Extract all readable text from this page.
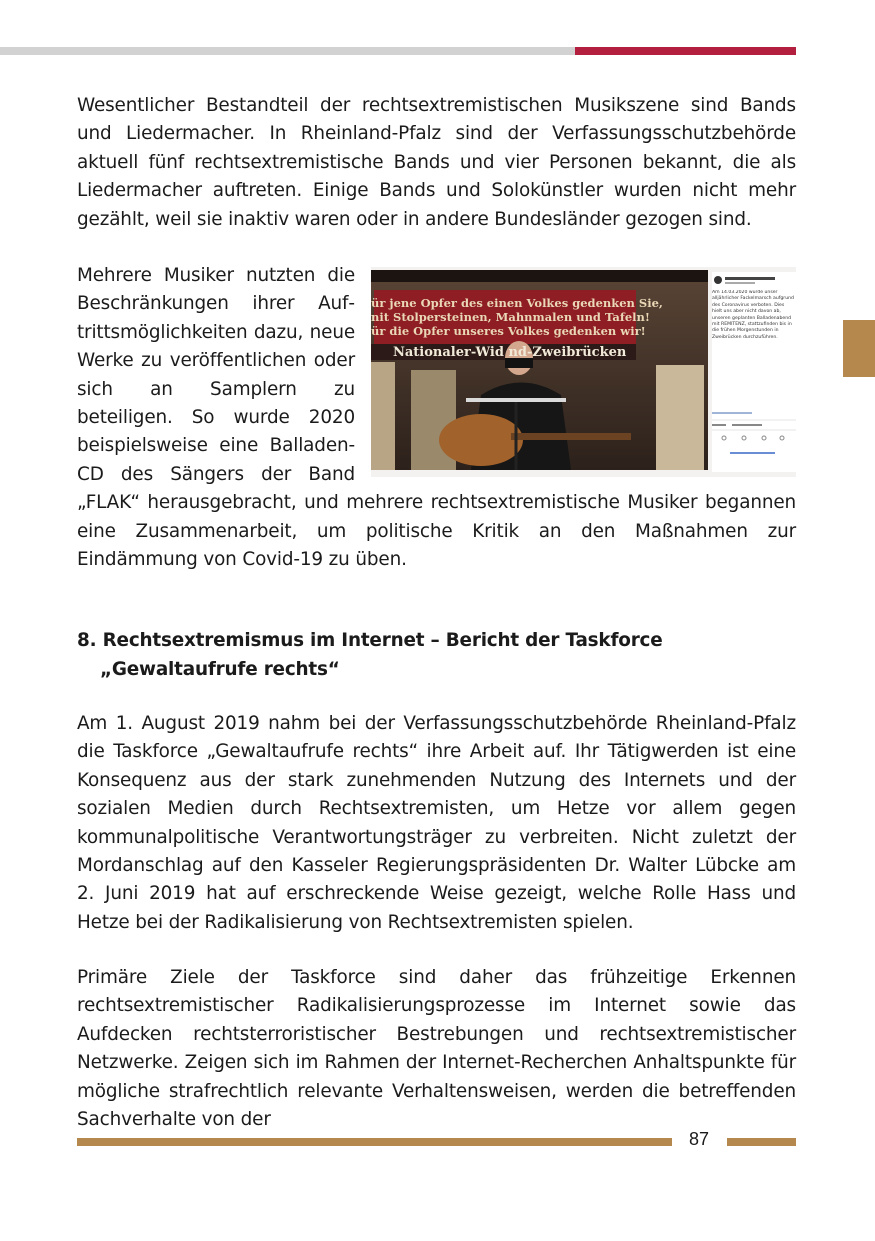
Wesentlicher Bestandteil der rechtsextremistischen Musikszene sind Bands und Liedermacher. In Rheinland-Pfalz sind der Verfassungsschutzbehörde aktuell fünf rechtsextremistische Bands und vier Personen bekannt, die als Liedermacher auftreten. Einige Bands und Solokünstler wurden nicht mehr gezählt, weil sie inaktiv waren oder in andere Bundesländer gezogen sind.

ür jene Opfer des einen Volkes gedenken Sie,
nit Stolpersteinen, Mahnmalen und Tafeln!
ür die Opfer unseres Volkes gedenken wir!
Nationaler-Wid nd-Zweibrücken
Am 14.03.2020 wurde unser alljährlicher Fackelmarsch aufgrund des Coronavirus verboten. Dies hielt uns aber nicht davon ab, unseren geplanten Balladenabend mit REMITENZ, stattzufinden bis in die frühen Morgenstunden in Zweibrücken durchzuführen.

Mehrere Musiker nutzten die Beschränkungen ihrer Auftrittsmöglichkeiten dazu, neue Werke zu veröffentlichen oder sich an Samplern zu beteiligen. So wurde 2020 beispielsweise eine Balladen-CD des Sängers der Band „FLAK“ herausgebracht, und mehrere rechtsextremistische Musiker begannen eine Zusammenarbeit, um politische Kritik an den Maßnahmen zur Eindämmung von Covid-19 zu üben.

8. Rechtsextremismus im Internet – Bericht der Taskforce „Gewaltaufrufe rechts“

Am 1. August 2019 nahm bei der Verfassungsschutzbehörde Rheinland-Pfalz die Taskforce „Gewaltaufrufe rechts“ ihre Arbeit auf. Ihr Tätigwerden ist eine Konsequenz aus der stark zunehmenden Nutzung des Internets und der sozialen Medien durch Rechtsextremisten, um Hetze vor allem gegen kommunalpolitische Verantwortungsträger zu verbreiten. Nicht zuletzt der Mordanschlag auf den Kasseler Regierungspräsidenten Dr. Walter Lübcke am 2. Juni 2019 hat auf erschreckende Weise gezeigt, welche Rolle Hass und Hetze bei der Radikalisierung von Rechtsextremisten spielen.

Primäre Ziele der Taskforce sind daher das frühzeitige Erkennen rechtsextremistischer Radikalisierungsprozesse im Internet sowie das Aufdecken rechtsterroristischer Bestrebungen und rechtsextremistischer Netzwerke. Zeigen sich im Rahmen der Internet-Recherchen Anhaltspunkte für mögliche strafrechtlich relevante Verhaltensweisen, werden die betreffenden Sachverhalte von der

87
